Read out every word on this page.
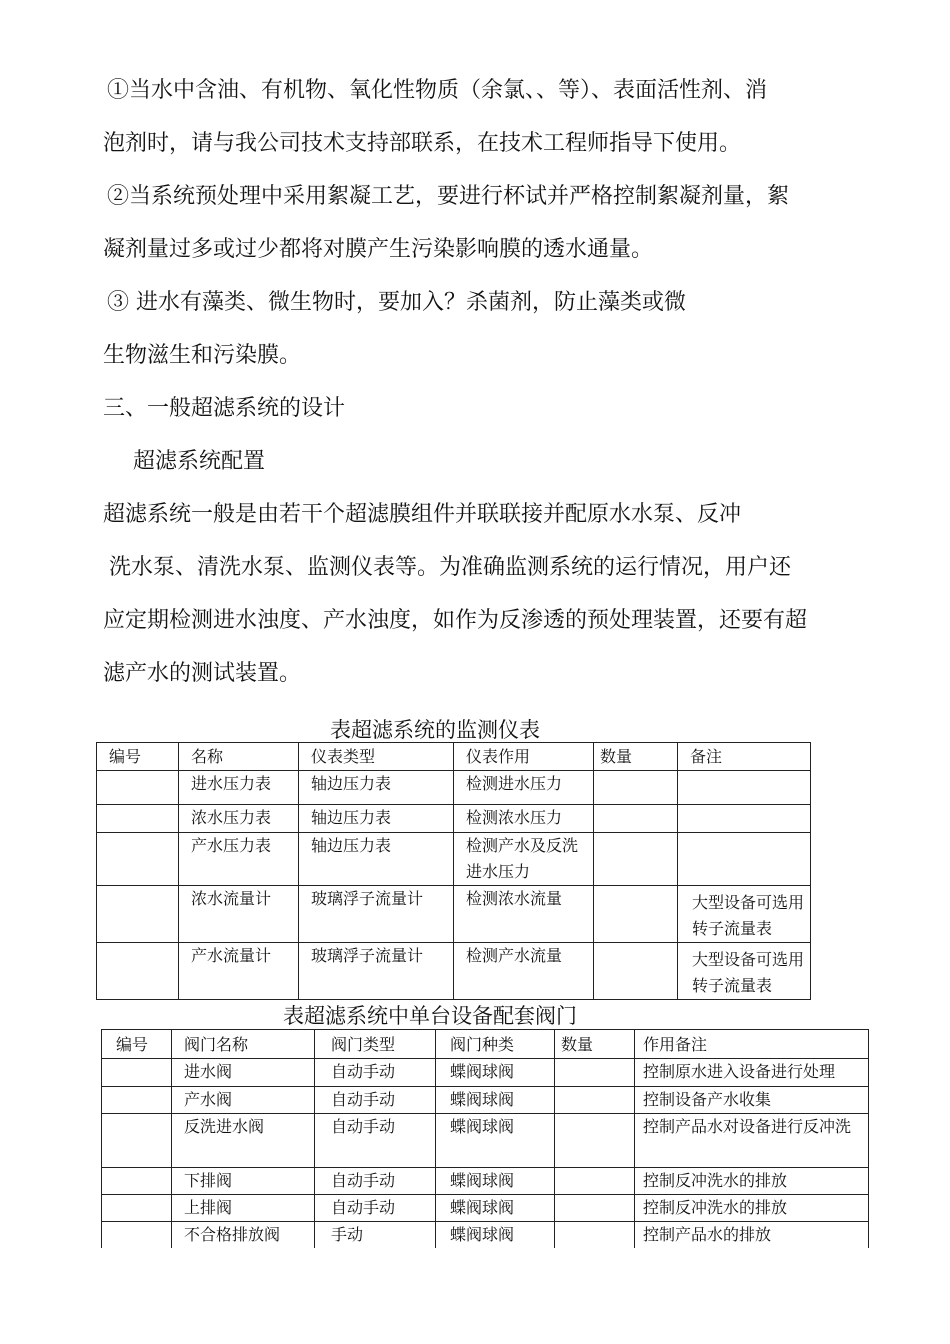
①当水中含油、有机物、氧化性物质（余氯、、等）、表面活性剂、消
泡剂时，请与我公司技术支持部联系，在技术工程师指导下使用。
②当系统预处理中采用絮凝工艺，要进行杯试并严格控制絮凝剂量，絮
凝剂量过多或过少都将对膜产生污染影响膜的透水通量。
③ 进水有藻类、微生物时，要加入？杀菌剂，防止藻类或微
生物滋生和污染膜。
三、一般超滤系统的设计
超滤系统配置
超滤系统一般是由若干个超滤膜组件并联联接并配原水水泵、反冲
洗水泵、清洗水泵、监测仪表等。为准确监测系统的运行情况，用户还
应定期检测进水浊度、产水浊度，如作为反渗透的预处理装置，还要有超
滤产水的测试装置。
表超滤系统的监测仪表
编号	名称	仪表类型	仪表作用	数量	备注
	进水压力表	轴边压力表	检测进水压力		
	浓水压力表	轴边压力表	检测浓水压力		
	产水压力表	轴边压力表	检测产水及反洗进水压力		
	浓水流量计	玻璃浮子流量计	检测浓水流量		大型设备可选用转子流量表
	产水流量计	玻璃浮子流量计	检测产水流量		大型设备可选用转子流量表
表超滤系统中单台设备配套阀门
编号	阀门名称	阀门类型	阀门种类	数量	作用备注
	进水阀	自动手动	蝶阀球阀		控制原水进入设备进行处理
	产水阀	自动手动	蝶阀球阀		控制设备产水收集
	反洗进水阀	自动手动	蝶阀球阀		控制产品水对设备进行反冲洗
	下排阀	自动手动	蝶阀球阀		控制反冲洗水的排放
	上排阀	自动手动	蝶阀球阀		控制反冲洗水的排放
	不合格排放阀	手动	蝶阀球阀		控制产品水的排放
